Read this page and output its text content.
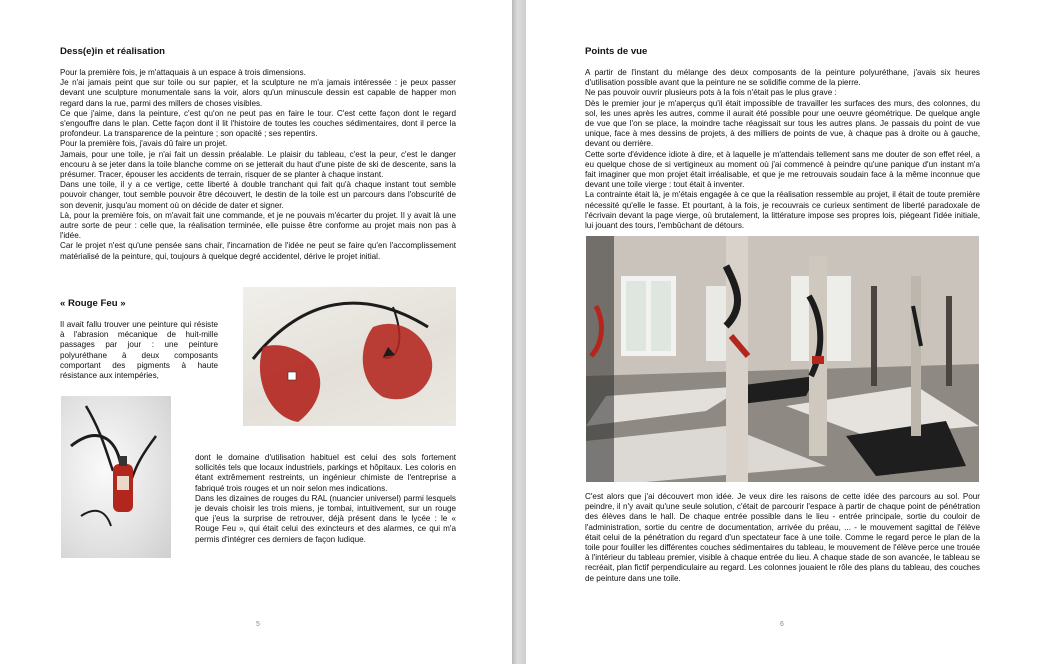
Dess(e)in et réalisation

Pour la première fois, je m'attaquais à un espace à trois dimensions.

Je n'ai jamais peint que sur toile ou sur papier, et la sculpture ne m'a jamais intéressée : je peux passer devant une sculpture monumentale sans la voir, alors qu'un minuscule dessin est capable de happer mon regard dans la rue, parmi des millers de choses visibles.

Ce que j'aime, dans la peinture, c'est qu'on ne peut pas en faire le tour. C'est cette façon dont le regard s'engouffre dans le plan. Cette façon dont il lit l'histoire de toutes les couches sédimentaires, dont il perce la profondeur. La transparence de la peinture ; son opacité ; ses repentirs.

Pour la première fois, j'avais dû faire un projet.

Jamais, pour une toile, je n'ai fait un dessin préalable. Le plaisir du tableau, c'est la peur, c'est le danger encouru à se jeter dans la toile blanche comme on se jetterait du haut d'une piste de ski de descente, sans la présumer. Tracer, épouser les accidents de terrain, risquer de se planter à chaque instant.

Dans une toile, il y a ce vertige, cette liberté à double tranchant qui fait qu'à chaque instant tout semble pouvoir changer, tout semble pouvoir être découvert, le destin de la toile est un parcours dans l'obscurité de son devenir, jusqu'au moment où on décide de dater et signer.

Là, pour la première fois, on m'avait fait une commande, et je ne pouvais m'écarter du projet. Il y avait là une autre sorte de peur : celle que, la réalisation terminée, elle puisse être conforme au projet mais non pas à l'idée.

Car le projet n'est qu'une pensée sans chair, l'incarnation de l'idée ne peut se faire qu'en l'accomplissement matérialisé de la peinture, qui, toujours à quelque degré accidentel, dérive le projet initial.

« Rouge Feu »

Il avait fallu trouver une peinture qui résiste à l'abrasion mécanique de huit-mille passages par jour : une peinture polyuréthane à deux composants comportant des pigments à haute résistance aux intempéries,

dont le domaine d'utilisation habituel est celui des sols fortement sollicités tels que locaux industriels, parkings et hôpitaux. Les coloris en étant extrêmement restreints, un ingénieur chimiste de l'entreprise a fabriqué trois rouges et un noir selon mes indications.

Dans les dizaines de rouges du RAL (nuancier universel) parmi lesquels je devais choisir les trois miens, je tombai, intuitivement, sur un rouge que j'eus la surprise de retrouver, déjà présent dans le lycée : le « Rouge Feu », qui était celui des exincteurs et des alarmes, ce qui m'a permis d'intégrer ces derniers de façon ludique.

5
Points de vue

A partir de l'instant du mélange des deux composants de la peinture polyuréthane, j'avais six heures d'utilisation possible avant que la peinture ne se solidifie comme de la pierre.

Ne pas pouvoir ouvrir plusieurs pots à la fois n'était pas le plus grave :

Dès le premier jour je m'aperçus qu'il était impossible de travailler les surfaces des murs, des colonnes, du sol, les unes après les autres, comme il aurait été possible pour une oeuvre géométrique. De quelque angle de vue que l'on se place, la moindre tache réagissait sur tous les autres plans. Je passais du point de vue unique, face à mes dessins de projets, à des milliers de points de vue, à chaque pas à droite ou à gauche, devant ou derrière.

Cette sorte d'évidence idiote à dire, et à laquelle je m'attendais tellement sans me douter de son effet réel, a eu quelque chose de si vertigineux au moment où j'ai commencé à peindre qu'une panique d'un instant m'a fait imaginer que mon projet était irréalisable, et que je me retrouvais soudain face à la même inconnue que devant une toile vierge : tout était à inventer.

La contrainte était là, je m'étais engagée à ce que la réalisation ressemble au projet, il était de toute première nécessité qu'elle le fasse. Et pourtant, à la fois, je recouvrais ce curieux sentiment de liberté paradoxale de l'écrivain devant la page vierge, où brutalement, la littérature impose ses propres lois, piégeant l'idée initiale, lui jouant des tours, l'embûchant de détours.

C'est alors que j'ai découvert mon idée. Je veux dire les raisons de cette idée des parcours au sol. Pour peindre, il n'y avait qu'une seule solution, c'était de parcourir l'espace à partir de chaque point de pénétration des élèves dans le hall. De chaque entrée possible dans le lieu - entrée principale, sortie du couloir de l'administration, sortie du centre de documentation, arrivée du préau, ... - le mouvement sagittal de l'élève était celui de la pénétration du regard d'un spectateur face à une toile. Comme le regard perce le plan de la toile pour fouiller les différentes couches sédimentaires du tableau, le mouvement de l'élève perce une trouée à l'intérieur du tableau premier, visible à chaque entrée du lieu. A chaque stade de son avancée, le tableau se recréait, plan fictif perpendiculaire au regard. Les colonnes jouaient le rôle des plans du tableau, des couches de peinture dans une toile.

6
